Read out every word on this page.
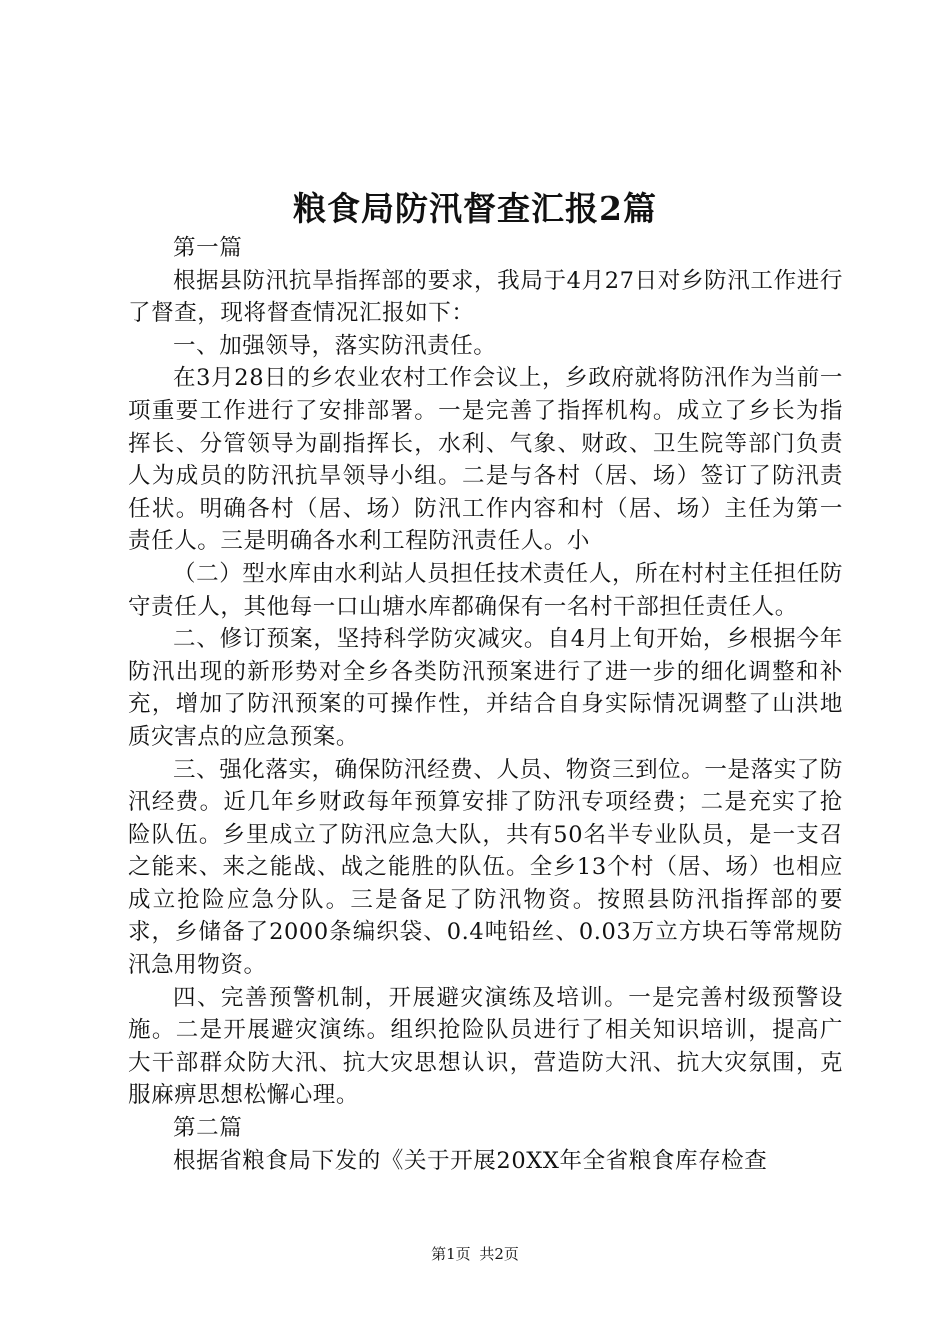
粮食局防汛督查汇报2篇

第一篇

根据县防汛抗旱指挥部的要求，我局于4月27日对乡防汛工作进行了督查，现将督查情况汇报如下：

一、加强领导，落实防汛责任。

在3月28日的乡农业农村工作会议上，乡政府就将防汛作为当前一项重要工作进行了安排部署。一是完善了指挥机构。成立了乡长为指挥长、分管领导为副指挥长，水利、气象、财政、卫生院等部门负责人为成员的防汛抗旱领导小组。二是与各村（居、场）签订了防汛责任状。明确各村（居、场）防汛工作内容和村（居、场）主任为第一责任人。三是明确各水利工程防汛责任人。小

（二）型水库由水利站人员担任技术责任人，所在村村主任担任防守责任人，其他每一口山塘水库都确保有一名村干部担任责任人。

二、修订预案，坚持科学防灾减灾。自4月上旬开始，乡根据今年防汛出现的新形势对全乡各类防汛预案进行了进一步的细化调整和补充，增加了防汛预案的可操作性，并结合自身实际情况调整了山洪地质灾害点的应急预案。

三、强化落实，确保防汛经费、人员、物资三到位。一是落实了防汛经费。近几年乡财政每年预算安排了防汛专项经费；二是充实了抢险队伍。乡里成立了防汛应急大队，共有50名半专业队员，是一支召之能来、来之能战、战之能胜的队伍。全乡13个村（居、场）也相应成立抢险应急分队。三是备足了防汛物资。按照县防汛指挥部的要求，乡储备了2000条编织袋、0.4吨铅丝、0.03万立方块石等常规防汛急用物资。

四、完善预警机制，开展避灾演练及培训。一是完善村级预警设施。二是开展避灾演练。组织抢险队员进行了相关知识培训，提高广大干部群众防大汛、抗大灾思想认识，营造防大汛、抗大灾氛围，克服麻痹思想松懈心理。

第二篇

根据省粮食局下发的《关于开展20XX年全省粮食库存检查

第1页 共2页
